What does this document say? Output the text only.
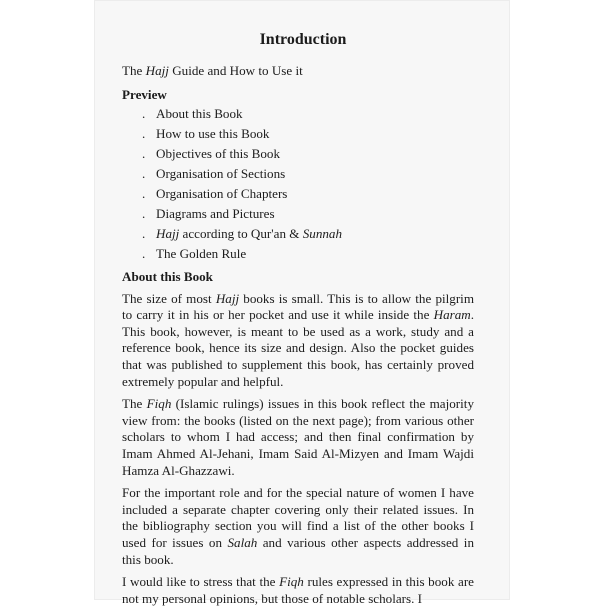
Introduction
The Hajj Guide and How to Use it
Preview
. About this Book
. How to use this Book
. Objectives of this Book
. Organisation of Sections
. Organisation of Chapters
. Diagrams and Pictures
. Hajj according to Qur'an & Sunnah
. The Golden Rule
About this Book

The size of most Hajj books is small. This is to allow the pilgrim to carry it in his or her pocket and use it while inside the Haram. This book, however, is meant to be used as a work, study and a reference book, hence its size and design. Also the pocket guides that was published to supplement this book, has certainly proved extremely popular and helpful.

The Fiqh (Islamic rulings) issues in this book reflect the majority view from: the books (listed on the next page); from various other scholars to whom I had access; and then final confirmation by Imam Ahmed Al-Jehani, Imam Said Al-Mizyen and Imam Wajdi Hamza Al-Ghazzawi.

For the important role and for the special nature of women I have included a separate chapter covering only their related issues. In the bibliography section you will find a list of the other books I used for issues on Salah and various other aspects addressed in this book.

I would like to stress that the Fiqh rules expressed in this book are not my personal opinions, but those of notable scholars. I
